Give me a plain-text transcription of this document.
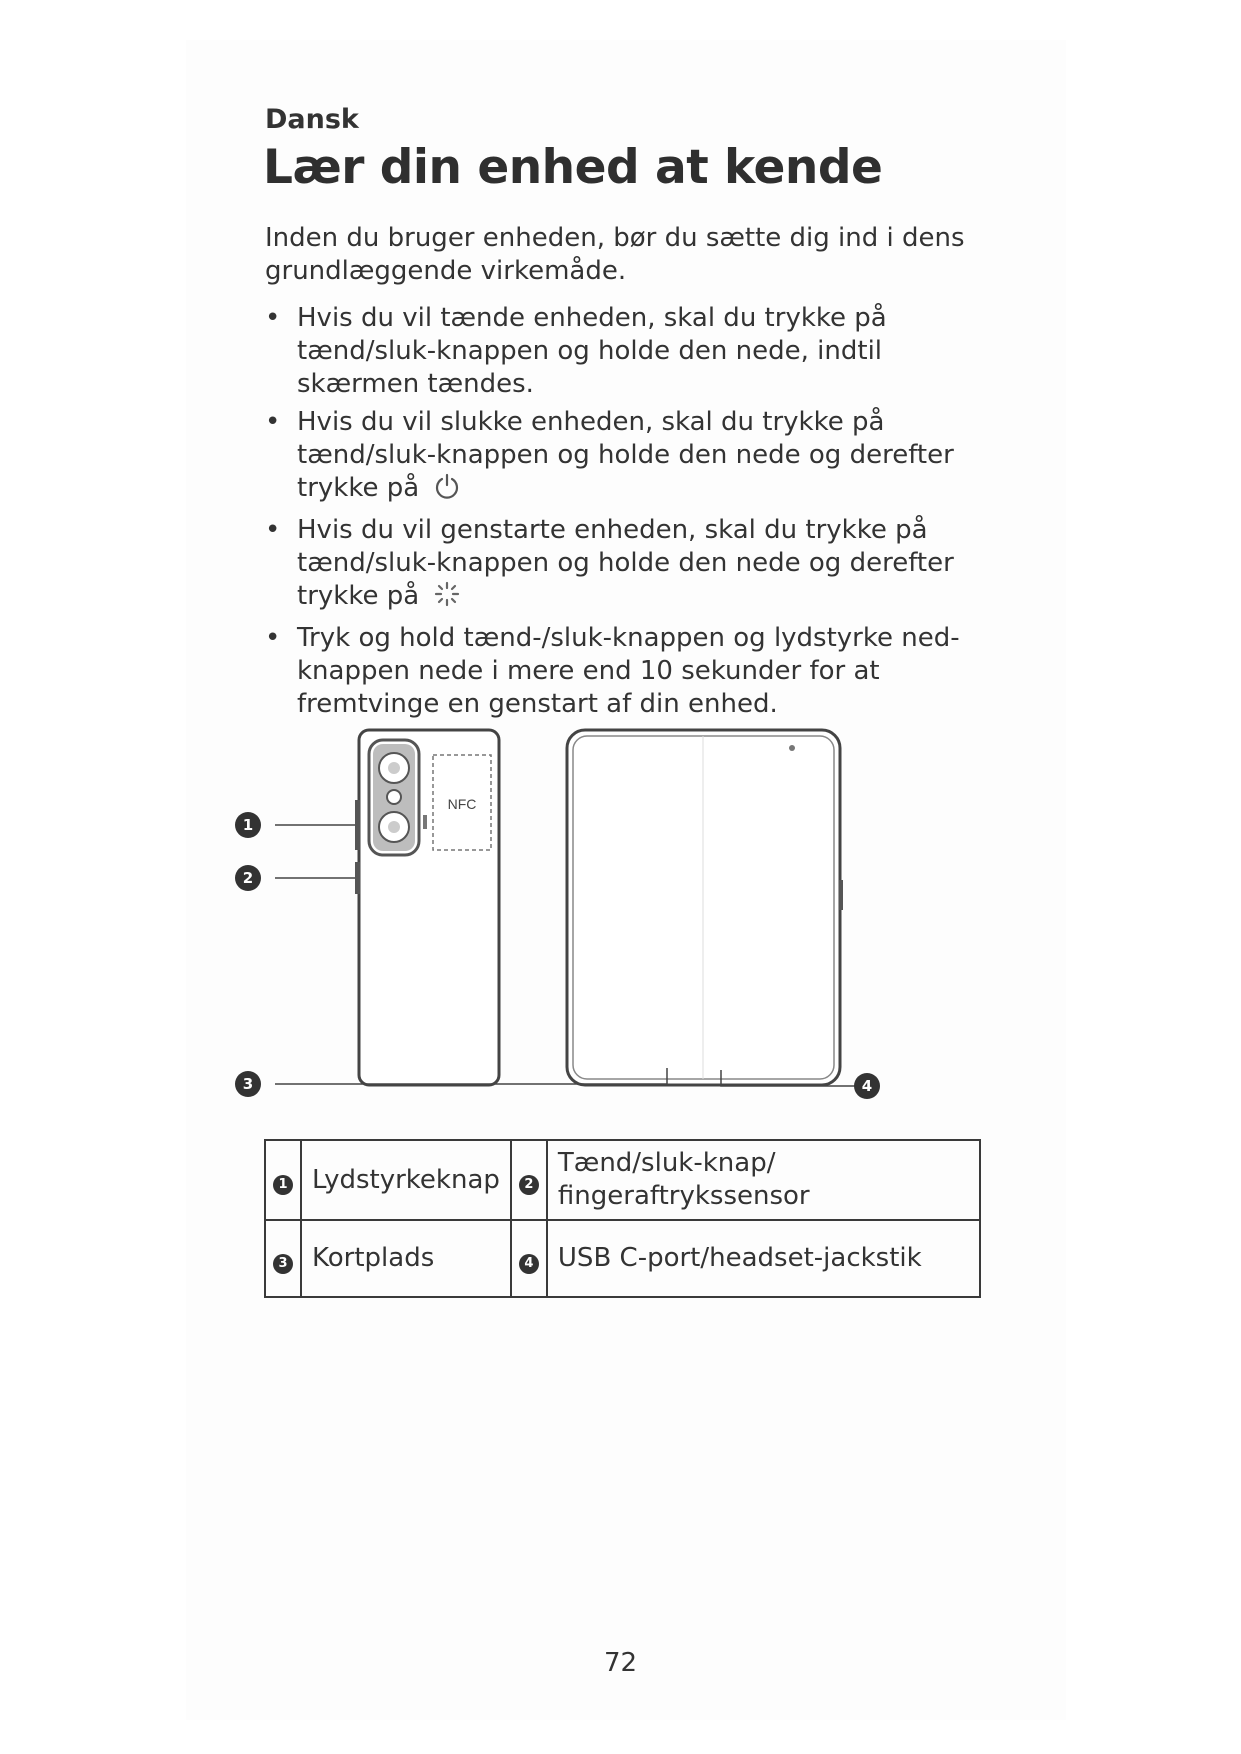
Dansk
Lær din enhed at kende
Inden du bruger enheden, bør du sætte dig ind i dens grundlæggende virkemåde.
• Hvis du vil tænde enheden, skal du trykke på tænd/sluk-knappen og holde den nede, indtil skærmen tændes.
• Hvis du vil slukke enheden, skal du trykke på tænd/sluk-knappen og holde den nede og derefter trykke på
• Hvis du vil genstarte enheden, skal du trykke på tænd/sluk-knappen og holde den nede og derefter trykke på
• Tryk og hold tænd-/sluk-knappen og lydstyrke ned-knappen nede i mere end 10 sekunder for at fremtvinge en genstart af din enhed.
NFC
1
2
3	4
1	Lydstyrkeknap	2	Tænd/sluk-knap/ fingeraftrykssensor
3	Kortplads	4	USB C-port/headset-jackstik
72
